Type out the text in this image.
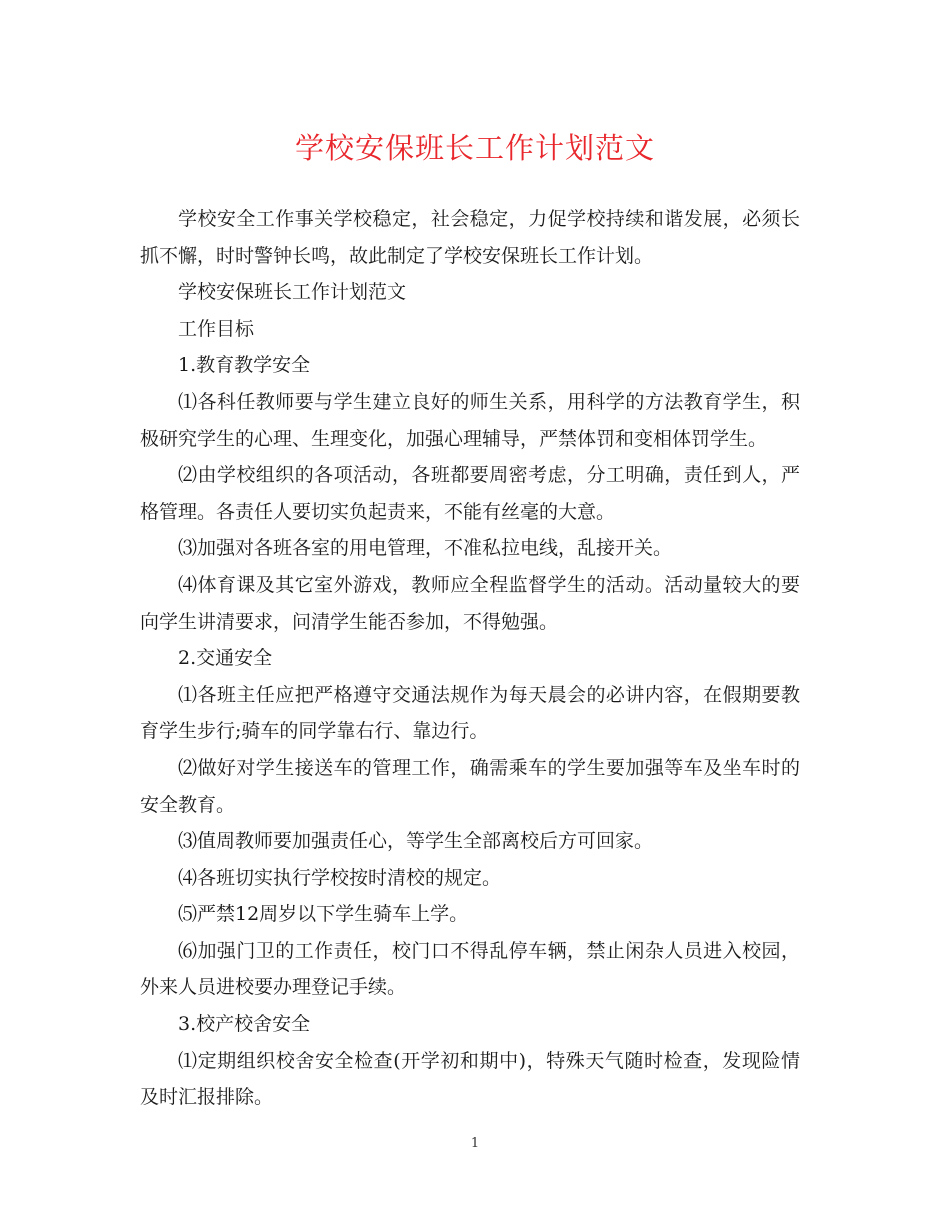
学校安保班长工作计划范文

学校安全工作事关学校稳定，社会稳定，力促学校持续和谐发展，必须长抓不懈，时时警钟长鸣，故此制定了学校安保班长工作计划。

学校安保班长工作计划范文

工作目标

1.教育教学安全

⑴各科任教师要与学生建立良好的师生关系，用科学的方法教育学生，积极研究学生的心理、生理变化，加强心理辅导，严禁体罚和变相体罚学生。

⑵由学校组织的各项活动，各班都要周密考虑，分工明确，责任到人，严格管理。各责任人要切实负起责来，不能有丝毫的大意。

⑶加强对各班各室的用电管理，不准私拉电线，乱接开关。

⑷体育课及其它室外游戏，教师应全程监督学生的活动。活动量较大的要向学生讲清要求，问清学生能否参加，不得勉强。

2.交通安全

⑴各班主任应把严格遵守交通法规作为每天晨会的必讲内容，在假期要教育学生步行;骑车的同学靠右行、靠边行。

⑵做好对学生接送车的管理工作，确需乘车的学生要加强等车及坐车时的安全教育。

⑶值周教师要加强责任心，等学生全部离校后方可回家。

⑷各班切实执行学校按时清校的规定。

⑸严禁12周岁以下学生骑车上学。

⑹加强门卫的工作责任，校门口不得乱停车辆，禁止闲杂人员进入校园，外来人员进校要办理登记手续。

3.校产校舍安全

⑴定期组织校舍安全检查(开学初和期中)，特殊天气随时检查，发现险情及时汇报排除。

1
